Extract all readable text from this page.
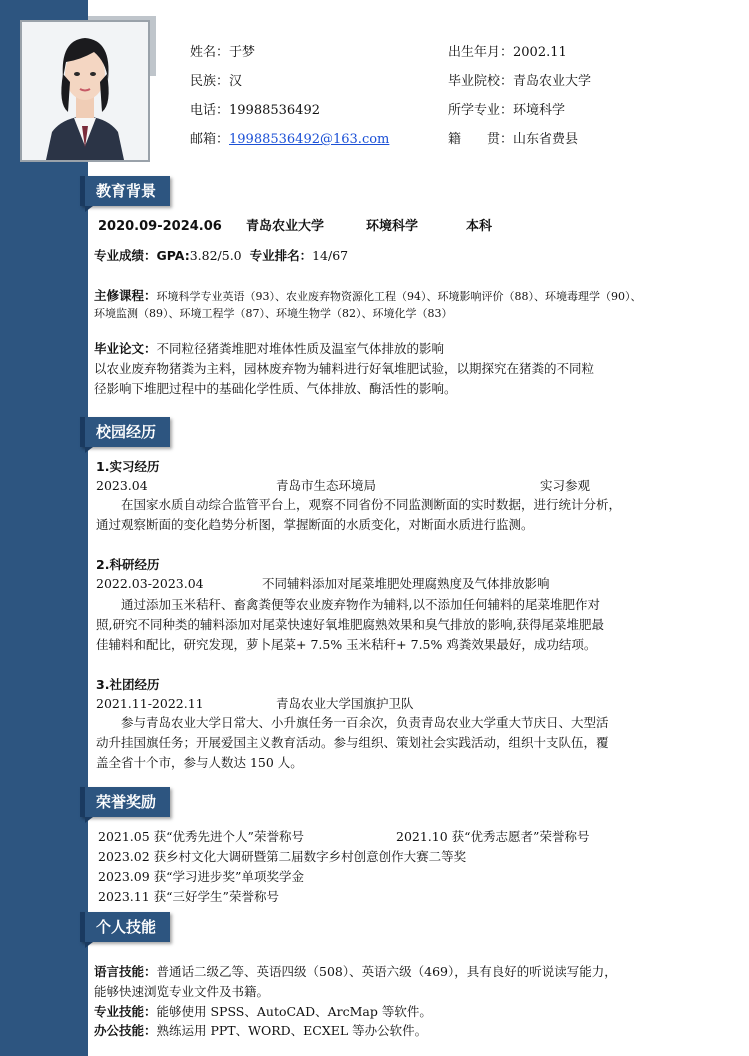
姓名：于梦	出生年月：2002.11
民族：汉	毕业院校：青岛农业大学
电话：19988536492	所学专业：环境科学
邮箱：19988536492@163.com	籍　　贯：山东省费县
教育背景
2020.09-2024.06 青岛农业大学	环境科学	本科
专业成绩：GPA:3.82/5.0 专业排名：14/67
主修课程：环境科学专业英语（93）、农业废弃物资源化工程（94）、环境影响评价（88）、环境毒理学（90）、
环境监测（89）、环境工程学（87）、环境生物学（82）、环境化学（83）
毕业论文：不同粒径猪粪堆肥对堆体性质及温室气体排放的影响
以农业废弃物猪粪为主料，园林废弃物为辅料进行好氧堆肥试验，以期探究在猪粪的不同粒
径影响下堆肥过程中的基础化学性质、气体排放、酶活性的影响。
校园经历
1.实习经历
2023.04	青岛市生态环境局	实习参观
　　在国家水质自动综合监管平台上，观察不同省份不同监测断面的实时数据，进行统计分析，
通过观察断面的变化趋势分析图，掌握断面的水质变化，对断面水质进行监测。
2.科研经历
2022.03-2023.04	不同辅料添加对尾菜堆肥处理腐熟度及气体排放影响
　　通过添加玉米秸秆、畜禽粪便等农业废弃物作为辅料,以不添加任何辅料的尾菜堆肥作对
照,研究不同种类的辅料添加对尾菜快速好氧堆肥腐熟效果和臭气排放的影响,获得尾菜堆肥最
佳辅料和配比，研究发现，萝卜尾菜+ 7.5% 玉米秸秆+ 7.5% 鸡粪效果最好，成功结项。
3.社团经历
2021.11-2022.11	青岛农业大学国旗护卫队
　　参与青岛农业大学日常大、小升旗任务一百余次，负责青岛农业大学重大节庆日、大型活
动升挂国旗任务；开展爱国主义教育活动。参与组织、策划社会实践活动，组织十支队伍，覆
盖全省十个市，参与人数达 150 人。
荣誉奖励
2021.05 获“优秀先进个人”荣誉称号	2021.10 获“优秀志愿者”荣誉称号
2023.02 获乡村文化大调研暨第二届数字乡村创意创作大赛二等奖
2023.09 获“学习进步奖”单项奖学金
2023.11 获“三好学生”荣誉称号
个人技能
语言技能：普通话二级乙等、英语四级（508）、英语六级（469），具有良好的听说读写能力，
能够快速浏览专业文件及书籍。
专业技能：能够使用 SPSS、AutoCAD、ArcMap 等软件。
办公技能：熟练运用 PPT、WORD、ECXEL 等办公软件。
